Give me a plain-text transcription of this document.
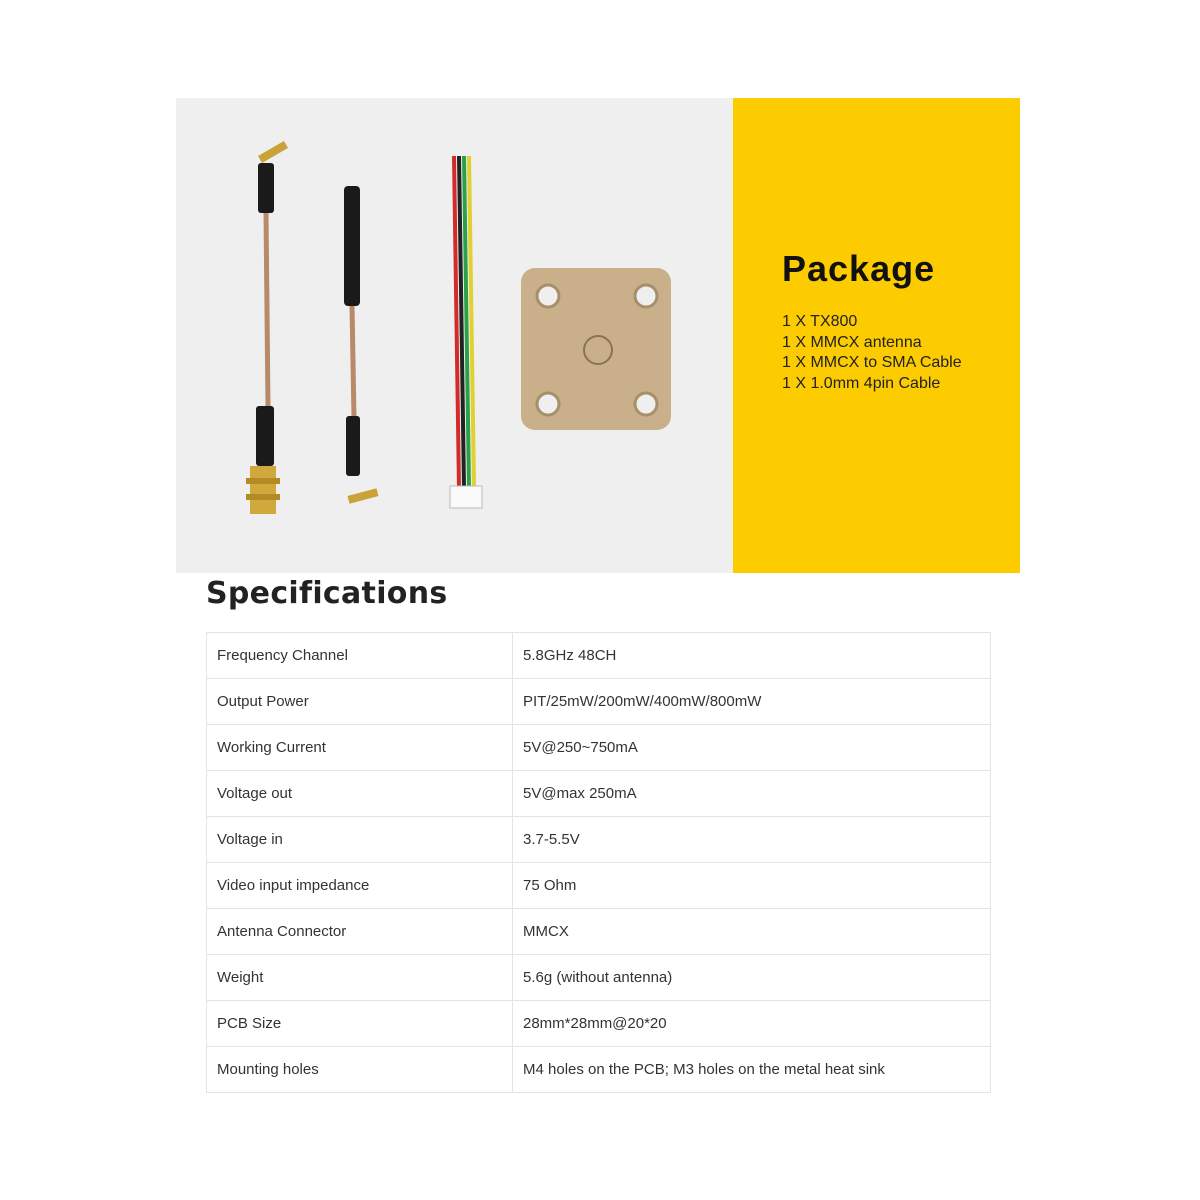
Package
1 X TX800
1 X MMCX antenna
1 X MMCX to SMA Cable
1 X 1.0mm 4pin Cable
Specifications
Frequency Channel	5.8GHz 48CH
Output Power	PIT/25mW/200mW/400mW/800mW
Working Current	5V@250~750mA
Voltage out	5V@max 250mA
Voltage in	3.7-5.5V
Video input impedance	75 Ohm
Antenna Connector	MMCX
Weight	5.6g (without antenna)
PCB Size	28mm*28mm@20*20
Mounting holes	M4 holes on the PCB; M3 holes on the metal heat sink
